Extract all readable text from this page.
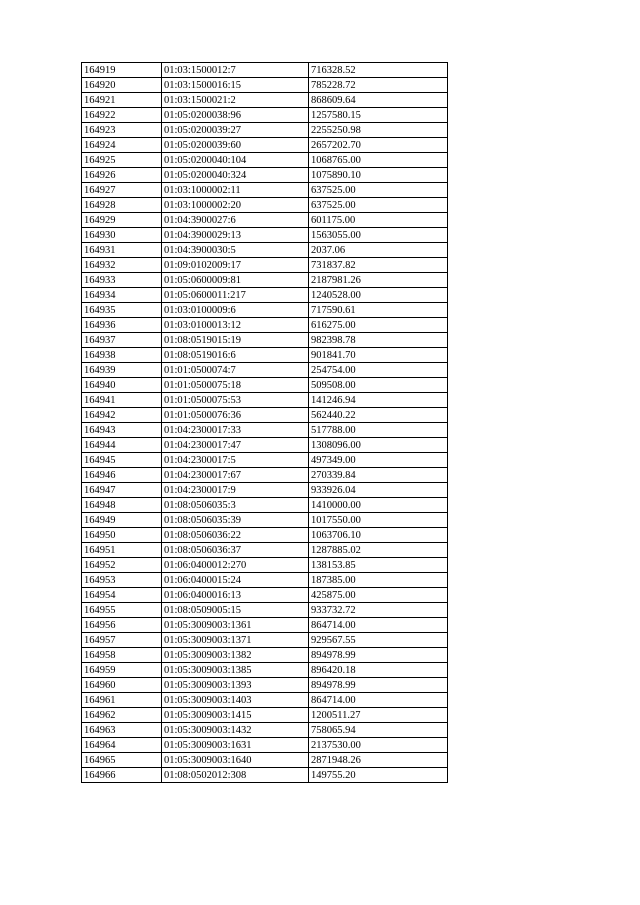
164919	01:03:1500012:7	716328.52
164920	01:03:1500016:15	785228.72
164921	01:03:1500021:2	868609.64
164922	01:05:0200038:96	1257580.15
164923	01:05:0200039:27	2255250.98
164924	01:05:0200039:60	2657202.70
164925	01:05:0200040:104	1068765.00
164926	01:05:0200040:324	1075890.10
164927	01:03:1000002:11	637525.00
164928	01:03:1000002:20	637525.00
164929	01:04:3900027:6	601175.00
164930	01:04:3900029:13	1563055.00
164931	01:04:3900030:5	2037.06
164932	01:09:0102009:17	731837.82
164933	01:05:0600009:81	2187981.26
164934	01:05:0600011:217	1240528.00
164935	01:03:0100009:6	717590.61
164936	01:03:0100013:12	616275.00
164937	01:08:0519015:19	982398.78
164938	01:08:0519016:6	901841.70
164939	01:01:0500074:7	254754.00
164940	01:01:0500075:18	509508.00
164941	01:01:0500075:53	141246.94
164942	01:01:0500076:36	562440.22
164943	01:04:2300017:33	517788.00
164944	01:04:2300017:47	1308096.00
164945	01:04:2300017:5	497349.00
164946	01:04:2300017:67	270339.84
164947	01:04:2300017:9	933926.04
164948	01:08:0506035:3	1410000.00
164949	01:08:0506035:39	1017550.00
164950	01:08:0506036:22	1063706.10
164951	01:08:0506036:37	1287885.02
164952	01:06:0400012:270	138153.85
164953	01:06:0400015:24	187385.00
164954	01:06:0400016:13	425875.00
164955	01:08:0509005:15	933732.72
164956	01:05:3009003:1361	864714.00
164957	01:05:3009003:1371	929567.55
164958	01:05:3009003:1382	894978.99
164959	01:05:3009003:1385	896420.18
164960	01:05:3009003:1393	894978.99
164961	01:05:3009003:1403	864714.00
164962	01:05:3009003:1415	1200511.27
164963	01:05:3009003:1432	758065.94
164964	01:05:3009003:1631	2137530.00
164965	01:05:3009003:1640	2871948.26
164966	01:08:0502012:308	149755.20
